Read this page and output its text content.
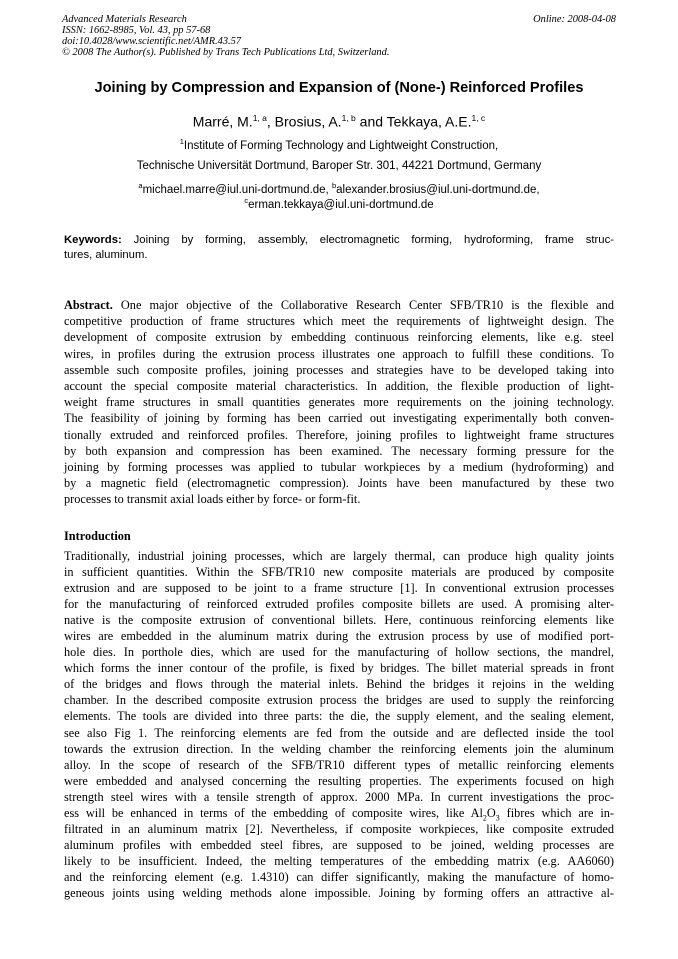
Advanced Materials Research
ISSN: 1662-8985, Vol. 43, pp 57-68
doi:10.4028/www.scientific.net/AMR.43.57
© 2008 The Author(s). Published by Trans Tech Publications Ltd, Switzerland.
Online: 2008-04-08
Joining by Compression and Expansion of (None-) Reinforced Profiles
Marré, M.$^{1, a}$, Brosius, A.$^{1, b}$ and Tekkaya, A.E.$^{1, c}$
$^1$Institute of Forming Technology and Lightweight Construction,
Technische Universität Dortmund, Baroper Str. 301, 44221 Dortmund, Germany
$^a$michael.marre@iul.uni-dortmund.de, $^b$alexander.brosius@iul.uni-dortmund.de,
$^c$erman.tekkaya@iul.uni-dortmund.de
Keywords: Joining by forming, assembly, electromagnetic forming, hydroforming, frame struc-
tures, aluminum.
Abstract. One major objective of the Collaborative Research Center SFB/TR10 is the flexible and
competitive production of frame structures which meet the requirements of lightweight design. The
development of composite extrusion by embedding continuous reinforcing elements, like e.g. steel
wires, in profiles during the extrusion process illustrates one approach to fulfill these conditions. To
assemble such composite profiles, joining processes and strategies have to be developed taking into
account the special composite material characteristics. In addition, the flexible production of light-
weight frame structures in small quantities generates more requirements on the joining technology.
The feasibility of joining by forming has been carried out investigating experimentally both conven-
tionally extruded and reinforced profiles. Therefore, joining profiles to lightweight frame structures
by both expansion and compression has been examined. The necessary forming pressure for the
joining by forming processes was applied to tubular workpieces by a medium (hydroforming) and
by a magnetic field (electromagnetic compression). Joints have been manufactured by these two
processes to transmit axial loads either by force- or form-fit.
Introduction
Traditionally, industrial joining processes, which are largely thermal, can produce high quality joints
in sufficient quantities. Within the SFB/TR10 new composite materials are produced by composite
extrusion and are supposed to be joint to a frame structure [1]. In conventional extrusion processes
for the manufacturing of reinforced extruded profiles composite billets are used. A promising alter-
native is the composite extrusion of conventional billets. Here, continuous reinforcing elements like
wires are embedded in the aluminum matrix during the extrusion process by use of modified port-
hole dies. In porthole dies, which are used for the manufacturing of hollow sections, the mandrel,
which forms the inner contour of the profile, is fixed by bridges. The billet material spreads in front
of the bridges and flows through the material inlets. Behind the bridges it rejoins in the welding
chamber. In the described composite extrusion process the bridges are used to supply the reinforcing
elements. The tools are divided into three parts: the die, the supply element, and the sealing element,
see also Fig 1. The reinforcing elements are fed from the outside and are deflected inside the tool
towards the extrusion direction. In the welding chamber the reinforcing elements join the aluminum
alloy. In the scope of research of the SFB/TR10 different types of metallic reinforcing elements
were embedded and analysed concerning the resulting properties. The experiments focused on high
strength steel wires with a tensile strength of approx. 2000 MPa. In current investigations the proc-
ess will be enhanced in terms of the embedding of composite wires, like $Al_2O_3$ fibres which are in-
filtrated in an aluminum matrix [2]. Nevertheless, if composite workpieces, like composite extruded
aluminum profiles with embedded steel fibres, are supposed to be joined, welding processes are
likely to be insufficient. Indeed, the melting temperatures of the embedding matrix (e.g. AA6060)
and the reinforcing element (e.g. 1.4310) can differ significantly, making the manufacture of homo-
geneous joints using welding methods alone impossible. Joining by forming offers an attractive al-
